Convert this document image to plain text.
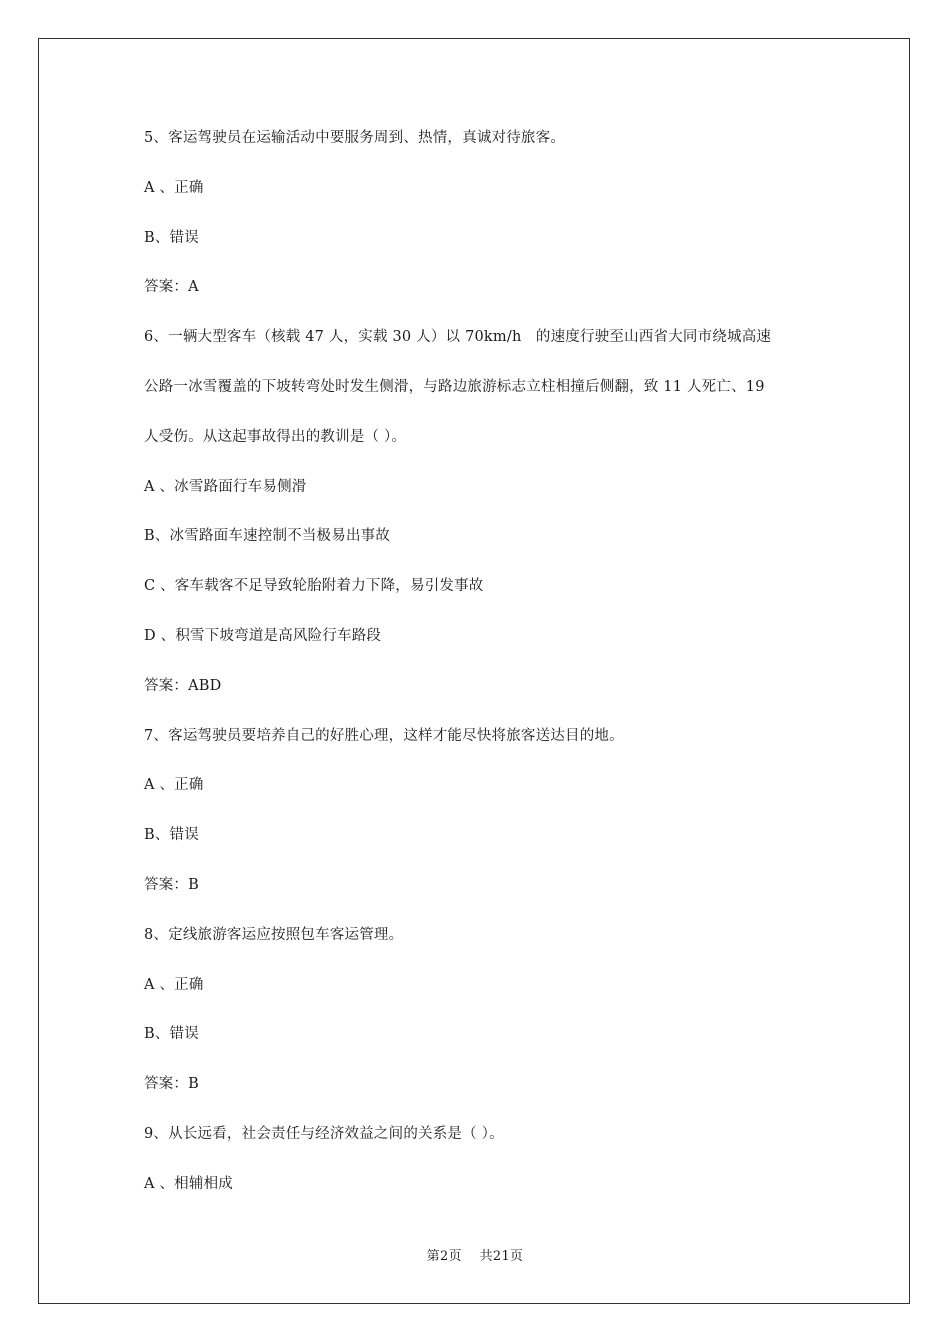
5、客运驾驶员在运输活动中要服务周到、热情，真诚对待旅客。
A 、正确
B、错误
答案：A
6、一辆大型客车（核载 47 人，实载 30 人）以 70km/h   的速度行驶至山西省大同市绕城高速
公路一冰雪覆盖的下坡转弯处时发生侧滑，与路边旅游标志立柱相撞后侧翻，致 11 人死亡、19
人受伤。从这起事故得出的教训是（ ）。
A 、冰雪路面行车易侧滑
B、冰雪路面车速控制不当极易出事故
C 、客车载客不足导致轮胎附着力下降，易引发事故
D 、积雪下坡弯道是高风险行车路段
答案：ABD
7、客运驾驶员要培养自己的好胜心理，这样才能尽快将旅客送达目的地。
A 、正确
B、错误
答案：B
8、定线旅游客运应按照包车客运管理。
A 、正确
B、错误
答案：B
9、从长远看，社会责任与经济效益之间的关系是（ ）。
A 、相辅相成
第2页    共21页
